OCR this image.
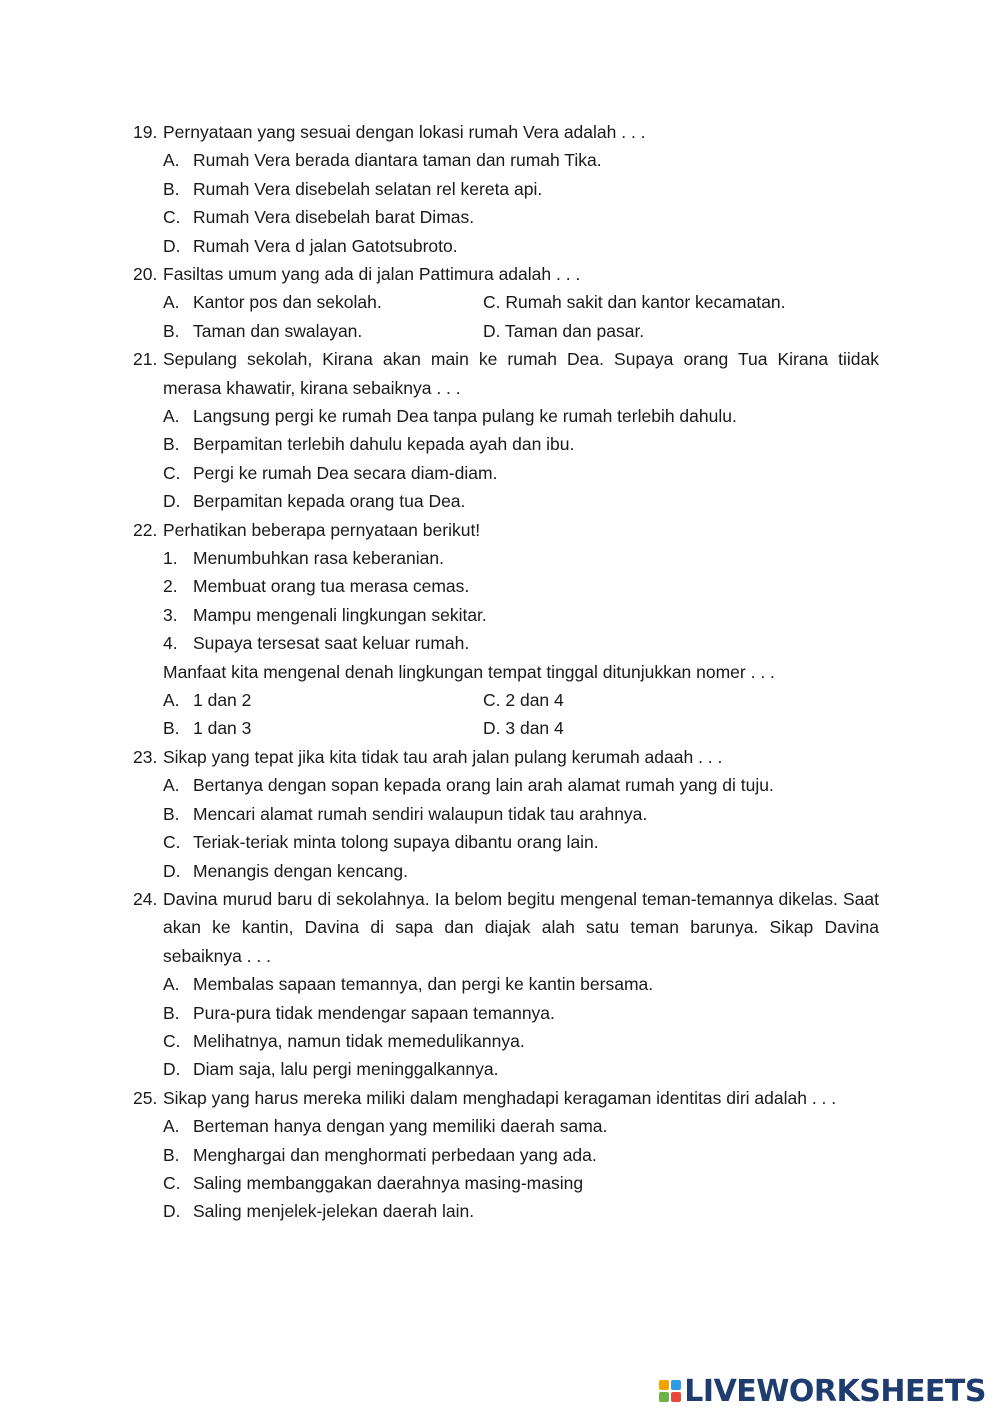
19. Pernyataan yang sesuai dengan lokasi rumah Vera adalah . . .
A. Rumah Vera berada diantara taman dan rumah Tika.
B. Rumah Vera disebelah selatan rel kereta api.
C. Rumah Vera disebelah barat Dimas.
D. Rumah Vera d jalan Gatotsubroto.
20. Fasiltas umum yang ada di jalan Pattimura adalah . . .
A. Kantor pos dan sekolah.	C. Rumah sakit dan kantor kecamatan.
B. Taman dan swalayan.	D. Taman dan pasar.
21. Sepulang sekolah, Kirana akan main ke rumah Dea. Supaya orang Tua Kirana tiidak merasa khawatir, kirana sebaiknya . . .
A. Langsung pergi ke rumah Dea tanpa pulang ke rumah terlebih dahulu.
B. Berpamitan terlebih dahulu kepada ayah dan ibu.
C. Pergi ke rumah Dea secara diam-diam.
D. Berpamitan kepada orang tua Dea.
22. Perhatikan beberapa pernyataan berikut!
1. Menumbuhkan rasa keberanian.
2. Membuat orang tua merasa cemas.
3. Mampu mengenali lingkungan sekitar.
4. Supaya tersesat saat keluar rumah.
Manfaat kita mengenal denah lingkungan tempat tinggal ditunjukkan nomer . . .
A. 1 dan 2	C. 2 dan 4
B. 1 dan 3	D. 3 dan 4
23. Sikap yang tepat jika kita tidak tau arah jalan pulang kerumah adaah . . .
A. Bertanya dengan sopan kepada orang lain arah alamat rumah yang di tuju.
B. Mencari alamat rumah sendiri walaupun tidak tau arahnya.
C. Teriak-teriak minta tolong supaya dibantu orang lain.
D. Menangis dengan kencang.
24. Davina murud baru di sekolahnya. Ia belom begitu mengenal teman-temannya dikelas. Saat akan ke kantin, Davina di sapa dan diajak alah satu teman barunya. Sikap Davina sebaiknya . . .
A. Membalas sapaan temannya, dan pergi ke kantin bersama.
B. Pura-pura tidak mendengar sapaan temannya.
C. Melihatnya, namun tidak memedulikannya.
D. Diam saja, lalu pergi meninggalkannya.
25. Sikap yang harus mereka miliki dalam menghadapi keragaman identitas diri adalah . . .
A. Berteman hanya dengan yang memiliki daerah sama.
B. Menghargai dan menghormati perbedaan yang ada.
C. Saling membanggakan daerahnya masing-masing
D. Saling menjelek-jelekan daerah lain.
LIVEWORKSHEETS
